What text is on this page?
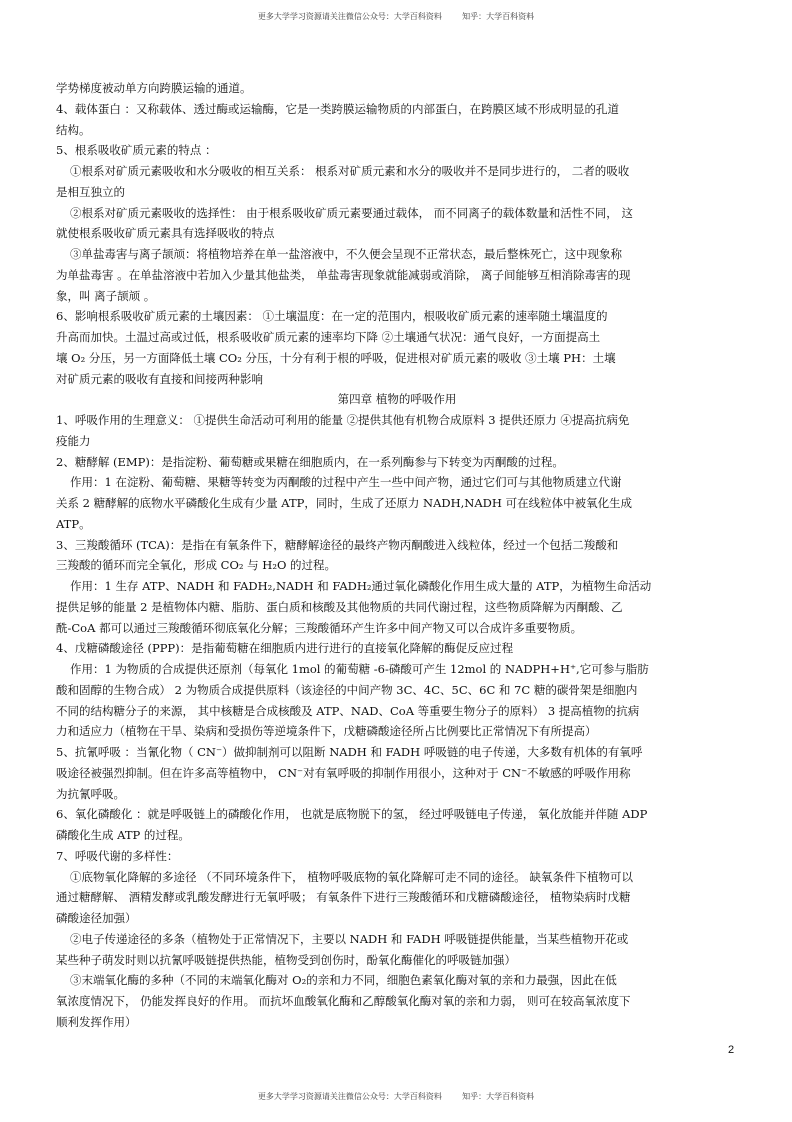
更多大学学习资源请关注微信公众号：大学百科资料        知乎：大学百科资料
学势梯度被动单方向跨膜运输的通道。
4、载体蛋白 ：又称载体、透过酶或运输酶，它是一类跨膜运输物质的内部蛋白，在跨膜区域不形成明显的孔道
结构。
5、根系吸收矿质元素的特点 ：
①根系对矿质元素吸收和水分吸收的相互关系： 根系对矿质元素和水分的吸收并不是同步进行的， 二者的吸收
是相互独立的
②根系对矿质元素吸收的选择性： 由于根系吸收矿质元素要通过载体， 而不同离子的载体数量和活性不同， 这
就使根系吸收矿质元素具有选择吸收的特点
③单盐毒害与离子颉颃：将植物培养在单一盐溶液中，不久便会呈现不正常状态，最后整株死亡，这中现象称
为单盐毒害 。在单盐溶液中若加入少量其他盐类， 单盐毒害现象就能减弱或消除， 离子间能够互相消除毒害的现
象，叫 离子颉颃 。
6、影响根系吸收矿质元素的土壤因素： ①土壤温度：在一定的范围内，根吸收矿质元素的速率随土壤温度的
升高而加快。土温过高或过低，根系吸收矿质元素的速率均下降 ②土壤通气状况：通气良好，一方面提高土
壤 O₂ 分压，另一方面降低土壤 CO₂ 分压，十分有利于根的呼吸，促进根对矿质元素的吸收 ③土壤 PH：土壤
对矿质元素的吸收有直接和间接两种影响
第四章 植物的呼吸作用
1、呼吸作用的生理意义： ①提供生命活动可利用的能量 ②提供其他有机物合成原料 3 提供还原力 ④提高抗病免
疫能力
2、糖酵解 (EMP)：是指淀粉、葡萄糖或果糖在细胞质内，在一系列酶参与下转变为丙酮酸的过程。
作用：1 在淀粉、葡萄糖、果糖等转变为丙酮酸的过程中产生一些中间产物，通过它们可与其他物质建立代谢
关系 2 糖酵解的底物水平磷酸化生成有少量 ATP，同时，生成了还原力 NADH,NADH 可在线粒体中被氧化生成
ATP。
3、三羧酸循环 (TCA)：是指在有氧条件下，糖酵解途径的最终产物丙酮酸进入线粒体，经过一个包括二羧酸和
三羧酸的循环而完全氧化，形成 CO₂ 与 H₂O 的过程。
作用：1 生存 ATP、NADH 和 FADH₂,NADH 和 FADH₂通过氧化磷酸化作用生成大量的 ATP，为植物生命活动
提供足够的能量 2 是植物体内糖、脂肪、蛋白质和核酸及其他物质的共同代谢过程，这些物质降解为丙酮酸、乙
酰-CoA 都可以通过三羧酸循环彻底氧化分解；三羧酸循环产生许多中间产物又可以合成许多重要物质。
4、戊糖磷酸途径 (PPP)：是指葡萄糖在细胞质内进行进行的直接氧化降解的酶促反应过程
作用：1 为物质的合成提供还原剂（每氧化 1mol 的葡萄糖 -6-磷酸可产生 12mol 的 NADPH+H⁺,它可参与脂肪
酸和固醇的生物合成） 2 为物质合成提供原料（该途径的中间产物 3C、4C、5C、6C 和 7C 糖的碳骨架是细胞内
不同的结构糖分子的来源， 其中核糖是合成核酸及 ATP、NAD、CoA 等重要生物分子的原料） 3 提高植物的抗病
力和适应力（植物在干旱、染病和受损伤等逆境条件下，戊糖磷酸途径所占比例要比正常情况下有所提高）
5、抗氰呼吸 ：当氰化物（ CN⁻）做抑制剂可以阻断 NADH 和 FADH 呼吸链的电子传递，大多数有机体的有氧呼
吸途径被强烈抑制。但在许多高等植物中， CN⁻对有氧呼吸的抑制作用很小，这种对于 CN⁻不敏感的呼吸作用称
为抗氰呼吸。
6、氧化磷酸化 ：就是呼吸链上的磷酸化作用， 也就是底物脱下的氢， 经过呼吸链电子传递， 氧化放能并伴随 ADP
磷酸化生成 ATP 的过程。
7、呼吸代谢的多样性：
①底物氧化降解的多途径 （不同环境条件下， 植物呼吸底物的氧化降解可走不同的途径。 缺氧条件下植物可以
通过糖酵解、 酒精发酵或乳酸发酵进行无氧呼吸； 有氧条件下进行三羧酸循环和戊糖磷酸途径， 植物染病时戊糖
磷酸途径加强）
②电子传递途径的多条（植物处于正常情况下，主要以 NADH 和 FADH 呼吸链提供能量，当某些植物开花或
某些种子萌发时则以抗氰呼吸链提供热能，植物受到创伤时，酚氧化酶催化的呼吸链加强）
③末端氧化酶的多种（不同的末端氧化酶对 O₂的亲和力不同，细胞色素氧化酶对氧的亲和力最强，因此在低
氧浓度情况下， 仍能发挥良好的作用。 而抗坏血酸氧化酶和乙醇酸氧化酶对氧的亲和力弱， 则可在较高氧浓度下
顺利发挥作用）
2
更多大学学习资源请关注微信公众号：大学百科资料        知乎：大学百科资料
